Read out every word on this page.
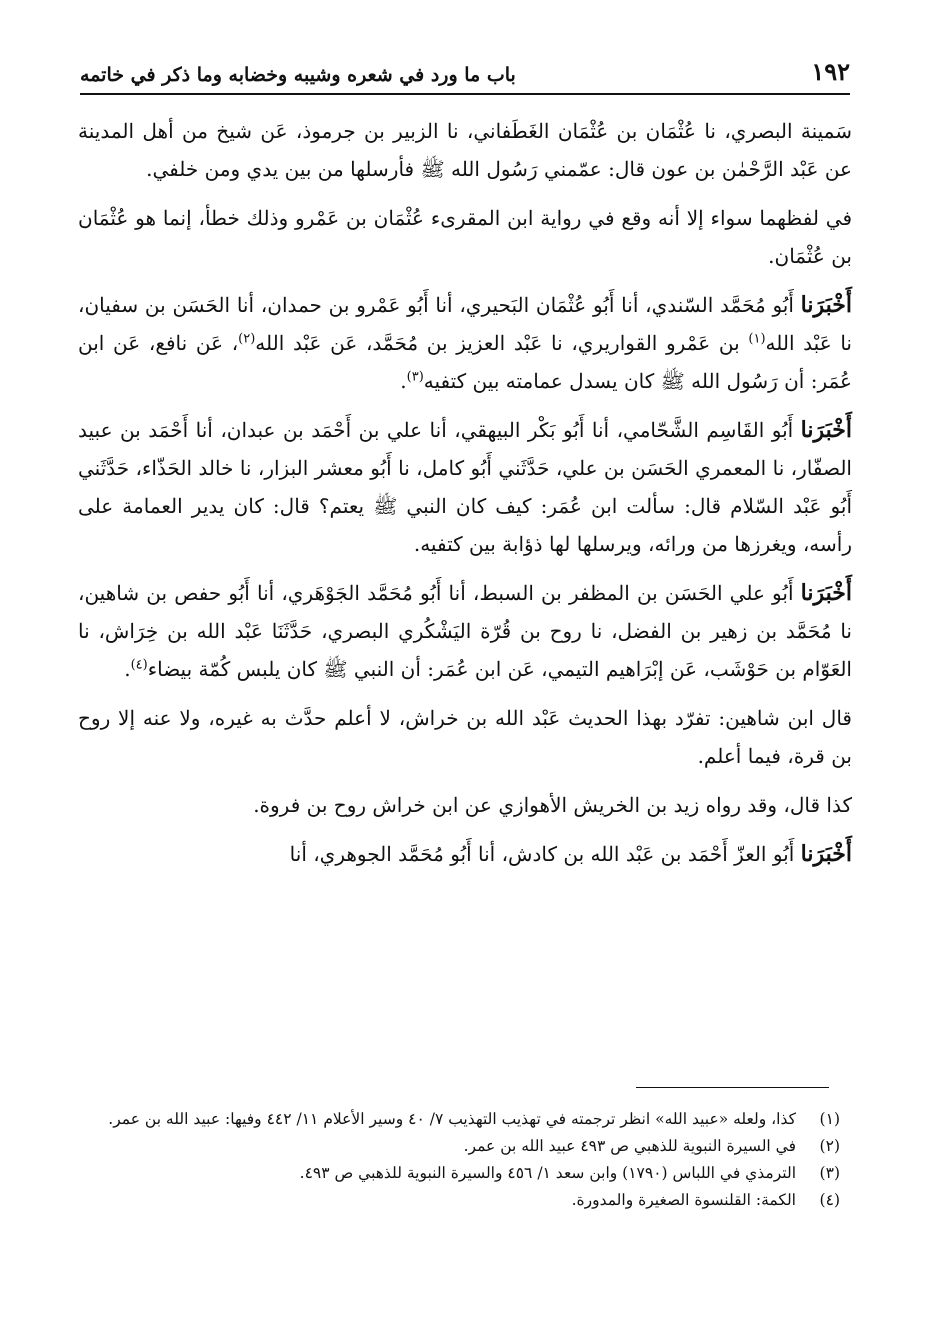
١٩٢
باب ما ورد في شعره وشيبه وخضابه وما ذكر في خاتمه

سَمينة البصري، نا عُثْمَان بن عُثْمَان الغَطَفاني، نا الزبير بن جرموذ، عَن شيخ من أهل المدينة عن عَبْد الرَّحْمٰن بن عون قال: عمّمني رَسُول الله ﷺ فأرسلها من بين يدي ومن خلفي.

في لفظهما سواء إلا أنه وقع في رواية ابن المقرىء عُثْمَان بن عَمْرو وذلك خطأ، إنما هو عُثْمَان بن عُثْمَان.

أَخْبَرَنا أَبُو مُحَمَّد السّندي، أنا أَبُو عُثْمَان البَحيري، أنا أَبُو عَمْرو بن حمدان، أنا الحَسَن بن سفيان، نا عَبْد الله$^{(١)}$ بن عَمْرو القواريري، نا عَبْد العزيز بن مُحَمَّد، عَن عَبْد الله$^{(٢)}$، عَن نافع، عَن ابن عُمَر: أن رَسُول الله ﷺ كان يسدل عمامته بين كتفيه$^{(٣)}$.

أَخْبَرَنا أَبُو القَاسِم الشَّحّامي، أنا أَبُو بَكْر البيهقي، أنا علي بن أَحْمَد بن عبدان، أنا أَحْمَد بن عبيد الصفّار، نا المعمري الحَسَن بن علي، حَدَّثَني أَبُو كامل، نا أَبُو معشر البزار، نا خالد الحَذّاء، حَدَّثَني أَبُو عَبْد السّلام قال: سألت ابن عُمَر: كيف كان النبي ﷺ يعتم؟ قال: كان يدير العمامة على رأسه، ويغرزها من ورائه، ويرسلها لها ذؤابة بين كتفيه.

أَخْبَرَنا أَبُو علي الحَسَن بن المظفر بن السبط، أنا أَبُو مُحَمَّد الجَوْهَري، أنا أَبُو حفص بن شاهين، نا مُحَمَّد بن زهير بن الفضل، نا روح بن قُرّة اليَشْكُري البصري، حَدَّثَنَا عَبْد الله بن خِرَاش، نا العَوّام بن حَوْشَب، عَن إبْرَاهيم التيمي، عَن ابن عُمَر: أن النبي ﷺ كان يلبس كُمّة بيضاء$^{(٤)}$.

قال ابن شاهين: تفرّد بهذا الحديث عَبْد الله بن خراش، لا أعلم حدَّث به غيره، ولا عنه إلا روح بن قرة، فيما أعلم.

كذا قال، وقد رواه زيد بن الخريش الأهوازي عن ابن خراش روح بن فروة.

أَخْبَرَنا أَبُو العزّ أَحْمَد بن عَبْد الله بن كادش، أنا أَبُو مُحَمَّد الجوهري، أنا

(١)
كذا، ولعله «عبيد الله» انظر ترجمته في تهذيب التهذيب ٧/ ٤٠ وسير الأعلام ١١/ ٤٤٢ وفيها: عبيد الله بن عمر.
(٢)
في السيرة النبوية للذهبي ص ٤٩٣ عبيد الله بن عمر.
(٣)
الترمذي في اللباس (١٧٩٠) وابن سعد ١/ ٤٥٦ والسيرة النبوية للذهبي ص ٤٩٣.
(٤)
الكمة: القلنسوة الصغيرة والمدورة.
